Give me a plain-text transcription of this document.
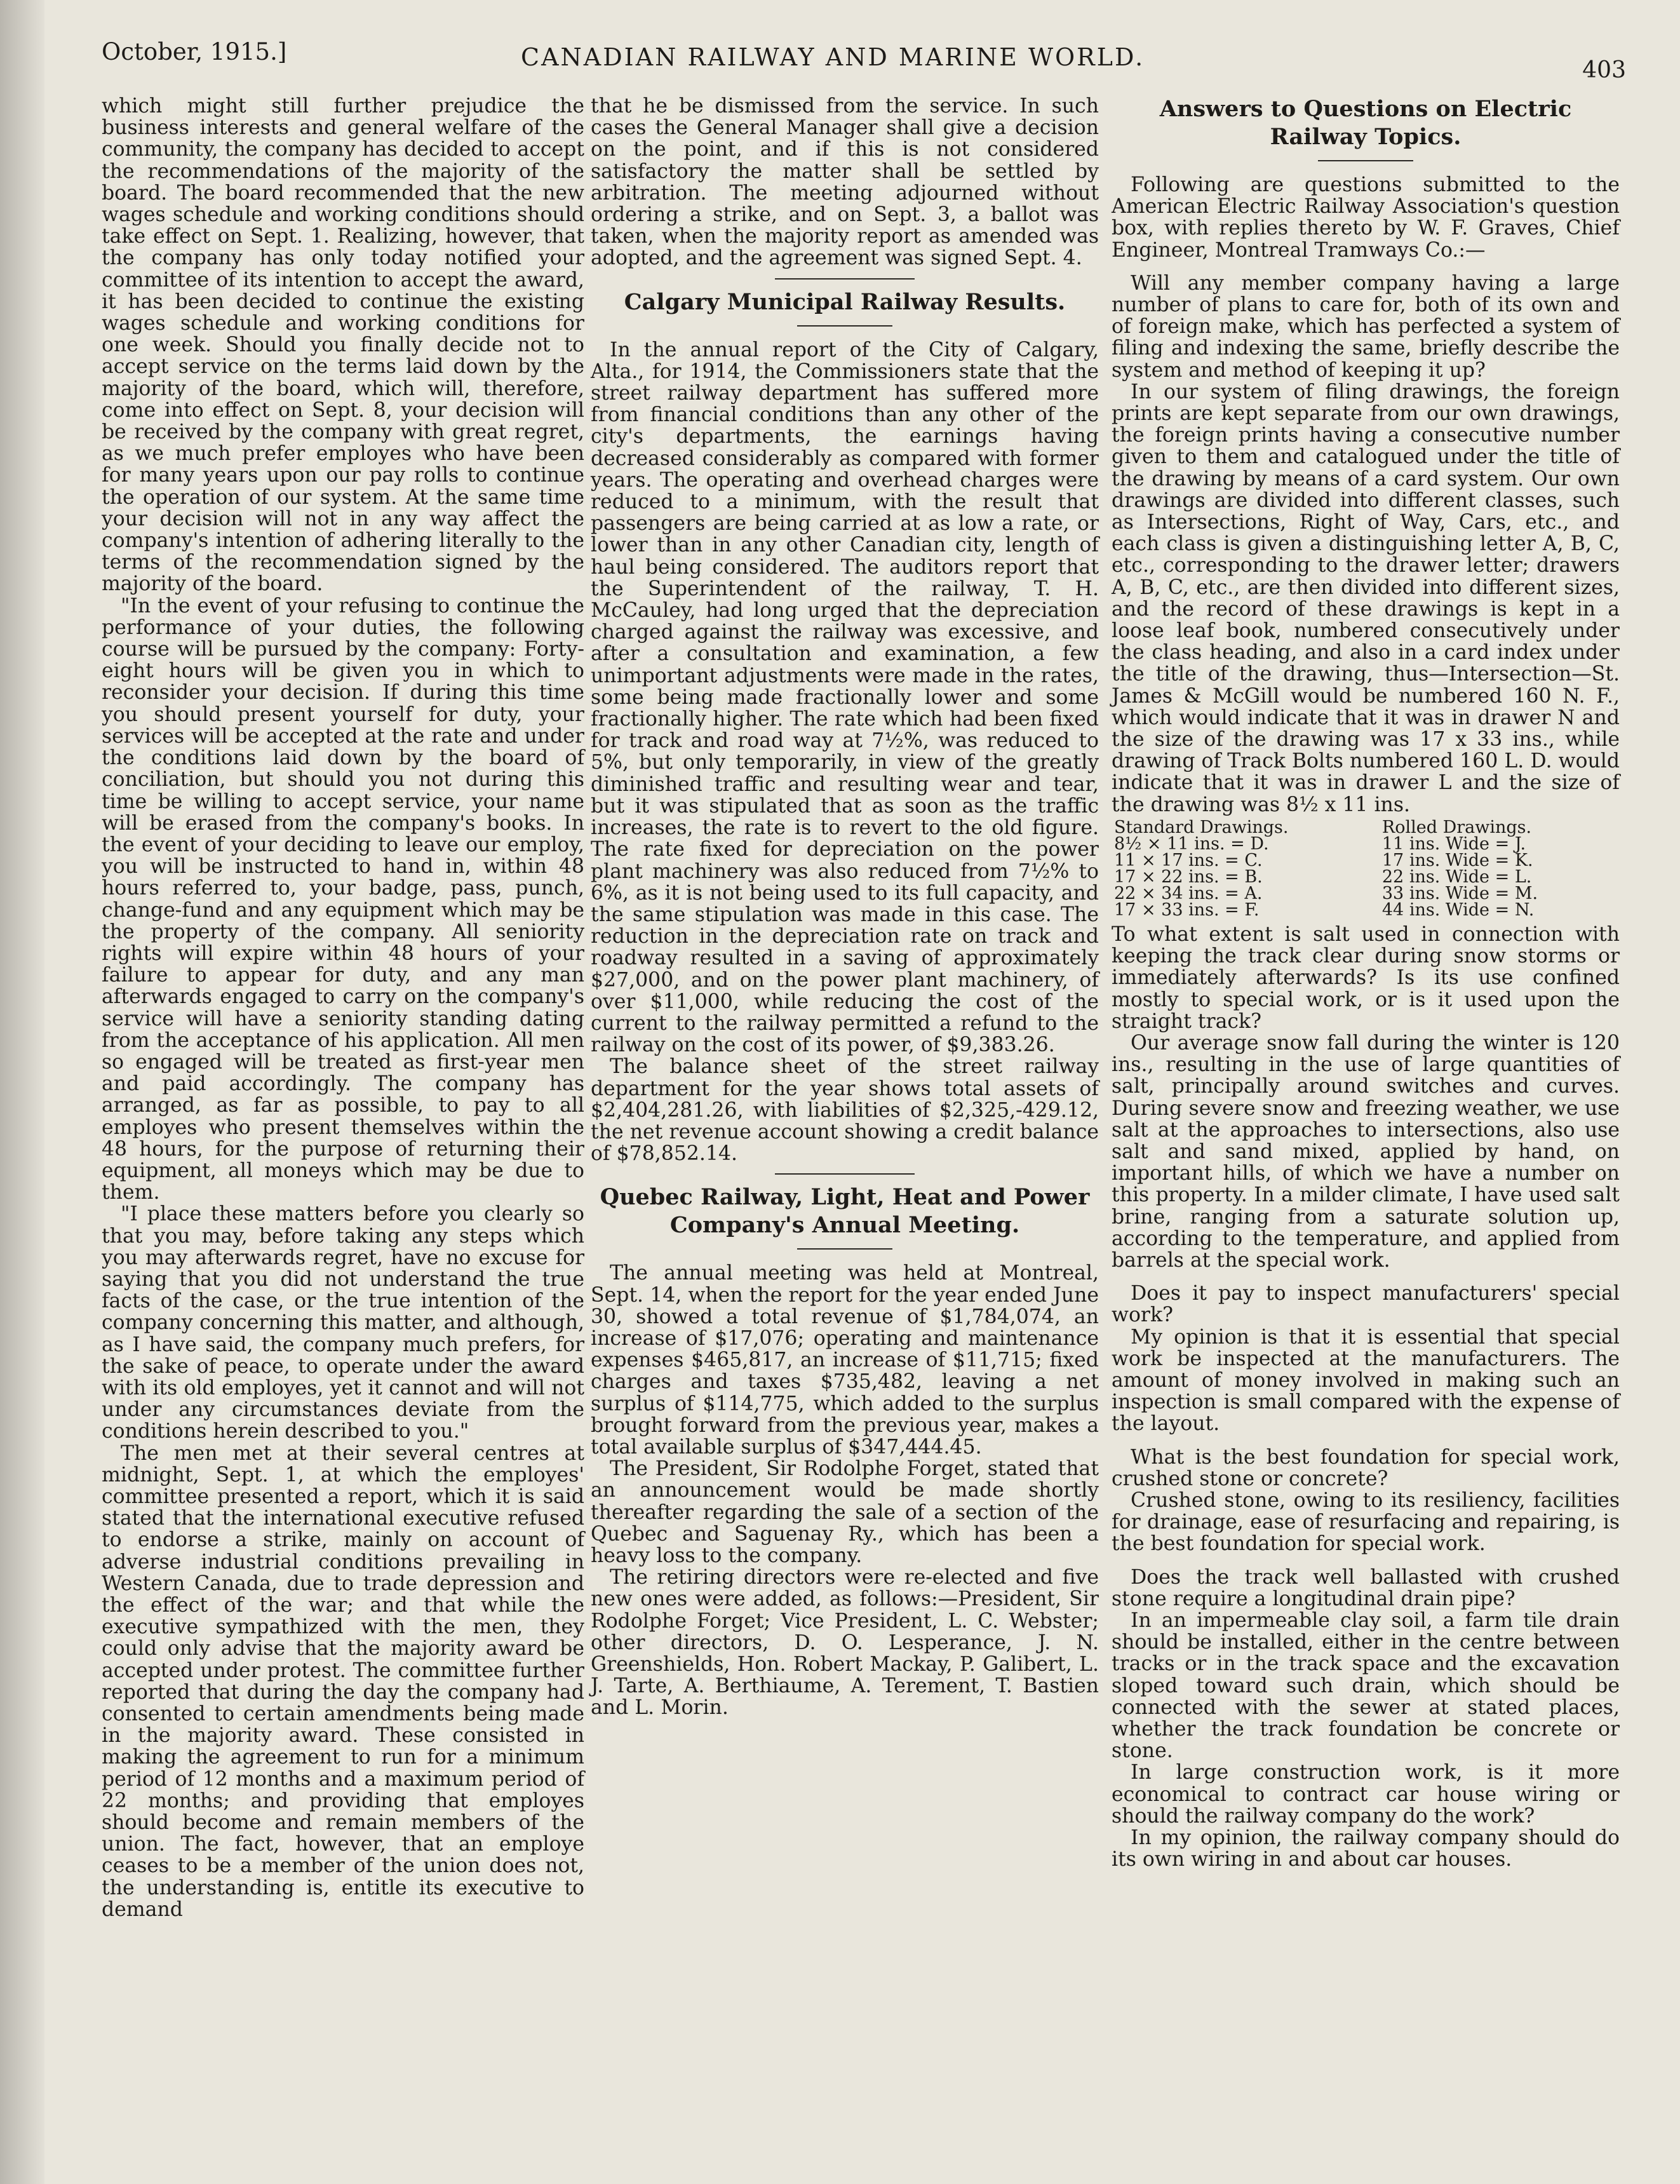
October, 1915.]	CANADIAN RAILWAY AND MARINE WORLD.	403

which might still further prejudice the business interests and general welfare of the community, the company has decided to accept the recommendations of the majority of the board. The board recommended that the new wages schedule and working conditions should take effect on Sept. 1. Realizing, however, that the company has only today notified your committee of its intention to accept the award, it has been decided to continue the existing wages schedule and working conditions for one week. Should you finally decide not to accept service on the terms laid down by the majority of the board, which will, therefore, come into effect on Sept. 8, your decision will be received by the company with great regret, as we much prefer employes who have been for many years upon our pay rolls to continue the operation of our system. At the same time your decision will not in any way affect the company's intention of adhering literally to the terms of the recommendation signed by the majority of the board.

"In the event of your refusing to continue the performance of your duties, the following course will be pursued by the company: Forty-eight hours will be given you in which to reconsider your decision. If during this time you should present yourself for duty, your services will be accepted at the rate and under the conditions laid down by the board of conciliation, but should you not during this time be willing to accept service, your name will be erased from the company's books. In the event of your deciding to leave our employ, you will be instructed to hand in, within 48 hours referred to, your badge, pass, punch, change-fund and any equipment which may be the property of the company. All seniority rights will expire within 48 hours of your failure to appear for duty, and any man afterwards engaged to carry on the company's service will have a seniority standing dating from the acceptance of his application. All men so engaged will be treated as first-year men and paid accordingly. The company has arranged, as far as possible, to pay to all employes who present themselves within the 48 hours, for the purpose of returning their equipment, all moneys which may be due to them.

"I place these matters before you clearly so that you may, before taking any steps which you may afterwards regret, have no excuse for saying that you did not understand the true facts of the case, or the true intention of the company concerning this matter, and although, as I have said, the company much prefers, for the sake of peace, to operate under the award with its old employes, yet it cannot and will not under any circumstances deviate from the conditions herein described to you."

The men met at their several centres at midnight, Sept. 1, at which the employes' committee presented a report, which it is said stated that the international executive refused to endorse a strike, mainly on account of adverse industrial conditions prevailing in Western Canada, due to trade depression and the effect of the war; and that while the executive sympathized with the men, they could only advise that the majority award be accepted under protest. The committee further reported that during the day the company had consented to certain amendments being made in the majority award. These consisted in making the agreement to run for a minimum period of 12 months and a maximum period of 22 months; and providing that employes should become and remain members of the union. The fact, however, that an employe ceases to be a member of the union does not, the understanding is, entitle its executive to demand

that he be dismissed from the service. In such cases the General Manager shall give a decision on the point, and if this is not considered satisfactory the matter shall be settled by arbitration. The meeting adjourned without ordering a strike, and on Sept. 3, a ballot was taken, when the majority report as amended was adopted, and the agreement was signed Sept. 4.

Calgary Municipal Railway Results.

In the annual report of the City of Calgary, Alta., for 1914, the Commissioners state that the street railway department has suffered more from financial conditions than any other of the city's departments, the earnings having decreased considerably as compared with former years. The operating and overhead charges were reduced to a minimum, with the result that passengers are being carried at as low a rate, or lower than in any other Canadian city, length of haul being considered. The auditors report that the Superintendent of the railway, T. H. McCauley, had long urged that the depreciation charged against the railway was excessive, and after a consultation and examination, a few unimportant adjustments were made in the rates, some being made fractionally lower and some fractionally higher. The rate which had been fixed for track and road way at 7½%, was reduced to 5%, but only temporarily, in view of the greatly diminished traffic and resulting wear and tear, but it was stipulated that as soon as the traffic increases, the rate is to revert to the old figure. The rate fixed for depreciation on the power plant machinery was also reduced from 7½% to 6%, as it is not being used to its full capacity, and the same stipulation was made in this case. The reduction in the depreciation rate on track and roadway resulted in a saving of approximately $27,000, and on the power plant machinery, of over $11,000, while reducing the cost of the current to the railway permitted a refund to the railway on the cost of its power, of $9,383.26.

The balance sheet of the street railway department for the year shows total assets of $2,404,281.26, with liabilities of $2,325,-429.12, the net revenue account showing a credit balance of $78,852.14.

Quebec Railway, Light, Heat and Power Company's Annual Meeting.

The annual meeting was held at Montreal, Sept. 14, when the report for the year ended June 30, showed a total revenue of $1,784,074, an increase of $17,076; operating and maintenance expenses $465,817, an increase of $11,715; fixed charges and taxes $735,482, leaving a net surplus of $114,775, which added to the surplus brought forward from the previous year, makes a total available surplus of $347,444.45.

The President, Sir Rodolphe Forget, stated that an announcement would be made shortly thereafter regarding the sale of a section of the Quebec and Saguenay Ry., which has been a heavy loss to the company.

The retiring directors were re-elected and five new ones were added, as follows:—President, Sir Rodolphe Forget; Vice President, L. C. Webster; other directors, D. O. Lesperance, J. N. Greenshields, Hon. Robert Mackay, P. Galibert, L. J. Tarte, A. Berthiaume, A. Terement, T. Bastien and L. Morin.

Answers to Questions on Electric Railway Topics.

Following are questions submitted to the American Electric Railway Association's question box, with replies thereto by W. F. Graves, Chief Engineer, Montreal Tramways Co.:—

Will any member company having a large number of plans to care for, both of its own and of foreign make, which has perfected a system of filing and indexing the same, briefly describe the system and method of keeping it up?

In our system of filing drawings, the foreign prints are kept separate from our own drawings, the foreign prints having a consecutive number given to them and catalogued under the title of the drawing by means of a card system. Our own drawings are divided into different classes, such as Intersections, Right of Way, Cars, etc., and each class is given a distinguishing letter A, B, C, etc., corresponding to the drawer letter; drawers A, B, C, etc., are then divided into different sizes, and the record of these drawings is kept in a loose leaf book, numbered consecutively under the class heading, and also in a card index under the title of the drawing, thus—Intersection—St. James & McGill would be numbered 160 N. F., which would indicate that it was in drawer N and the size of the drawing was 17 x 33 ins., while drawing of Track Bolts numbered 160 L. D. would indicate that it was in drawer L and the size of the drawing was 8½ x 11 ins.

Standard Drawings.	Rolled Drawings.
8½ × 11 ins. = D.	11 ins. Wide = J.
11 × 17 ins. = C.	17 ins. Wide = K.
17 × 22 ins. = B.	22 ins. Wide = L.
22 × 34 ins. = A.	33 ins. Wide = M.
17 × 33 ins. = F.	44 ins. Wide = N.

To what extent is salt used in connection with keeping the track clear during snow storms or immediately afterwards? Is its use confined mostly to special work, or is it used upon the straight track?

Our average snow fall during the winter is 120 ins., resulting in the use of large quantities of salt, principally around switches and curves. During severe snow and freezing weather, we use salt at the approaches to intersections, also use salt and sand mixed, applied by hand, on important hills, of which we have a number on this property. In a milder climate, I have used salt brine, ranging from a saturate solution up, according to the temperature, and applied from barrels at the special work.

Does it pay to inspect manufacturers' special work?

My opinion is that it is essential that special work be inspected at the manufacturers. The amount of money involved in making such an inspection is small compared with the expense of the layout.

What is the best foundation for special work, crushed stone or concrete?

Crushed stone, owing to its resiliency, facilities for drainage, ease of resurfacing and repairing, is the best foundation for special work.

Does the track well ballasted with crushed stone require a longitudinal drain pipe?

In an impermeable clay soil, a farm tile drain should be installed, either in the centre between tracks or in the track space and the excavation sloped toward such drain, which should be connected with the sewer at stated places, whether the track foundation be concrete or stone.

In large construction work, is it more economical to contract car house wiring or should the railway company do the work?

In my opinion, the railway company should do its own wiring in and about car houses.
